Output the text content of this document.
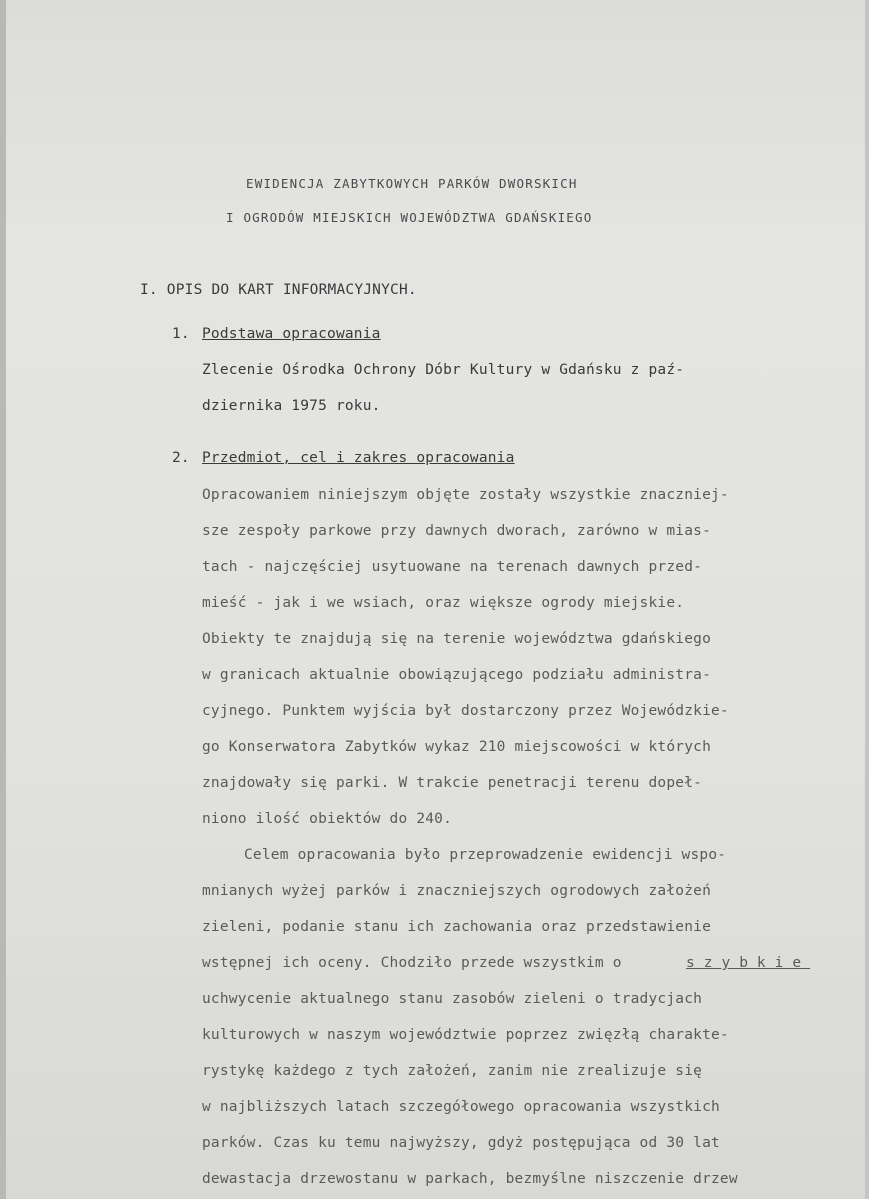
EWIDENCJA ZABYTKOWYCH PARKÓW DWORSKICH
I OGRODÓW MIEJSKICH WOJEWÓDZTWA GDAŃSKIEGO
I. OPIS DO KART INFORMACYJNYCH.
1. Podstawa opracowania
Zlecenie Ośrodka Ochrony Dóbr Kultury w Gdańsku z paź-
dziernika 1975 roku.
2. Przedmiot, cel i zakres opracowania
Opracowaniem niniejszym objęte zostały wszystkie znaczniej-
sze zespoły parkowe przy dawnych dworach, zarówno w mias-
tach - najczęściej usytuowane na terenach dawnych przed-
mieść - jak i we wsiach, oraz większe ogrody miejskie.
Obiekty te znajdują się na terenie województwa gdańskiego
w granicach aktualnie obowiązującego podziału administra-
cyjnego. Punktem wyjścia był dostarczony przez Wojewódzkie-
go Konserwatora Zabytków wykaz 210 miejscowości w których
znajdowały się parki. W trakcie penetracji terenu dopeł-
niono ilość obiektów do 240.
Celem opracowania było przeprowadzenie ewidencji wspo-
mnianych wyżej parków i znaczniejszych ogrodowych założeń
zieleni, podanie stanu ich zachowania oraz przedstawienie
wstępnej ich oceny. Chodziło przede wszystkim o	szybkie
uchwycenie aktualnego stanu zasobów zieleni o tradycjach
kulturowych w naszym województwie poprzez zwięzłą charakte-
rystykę każdego z tych założeń, zanim nie zrealizuje się
w najbliższych latach szczegółowego opracowania wszystkich
parków. Czas ku temu najwyższy, gdyż postępująca od 30 lat
dewastacja drzewostanu w parkach, bezmyślne niszczenie drzew
